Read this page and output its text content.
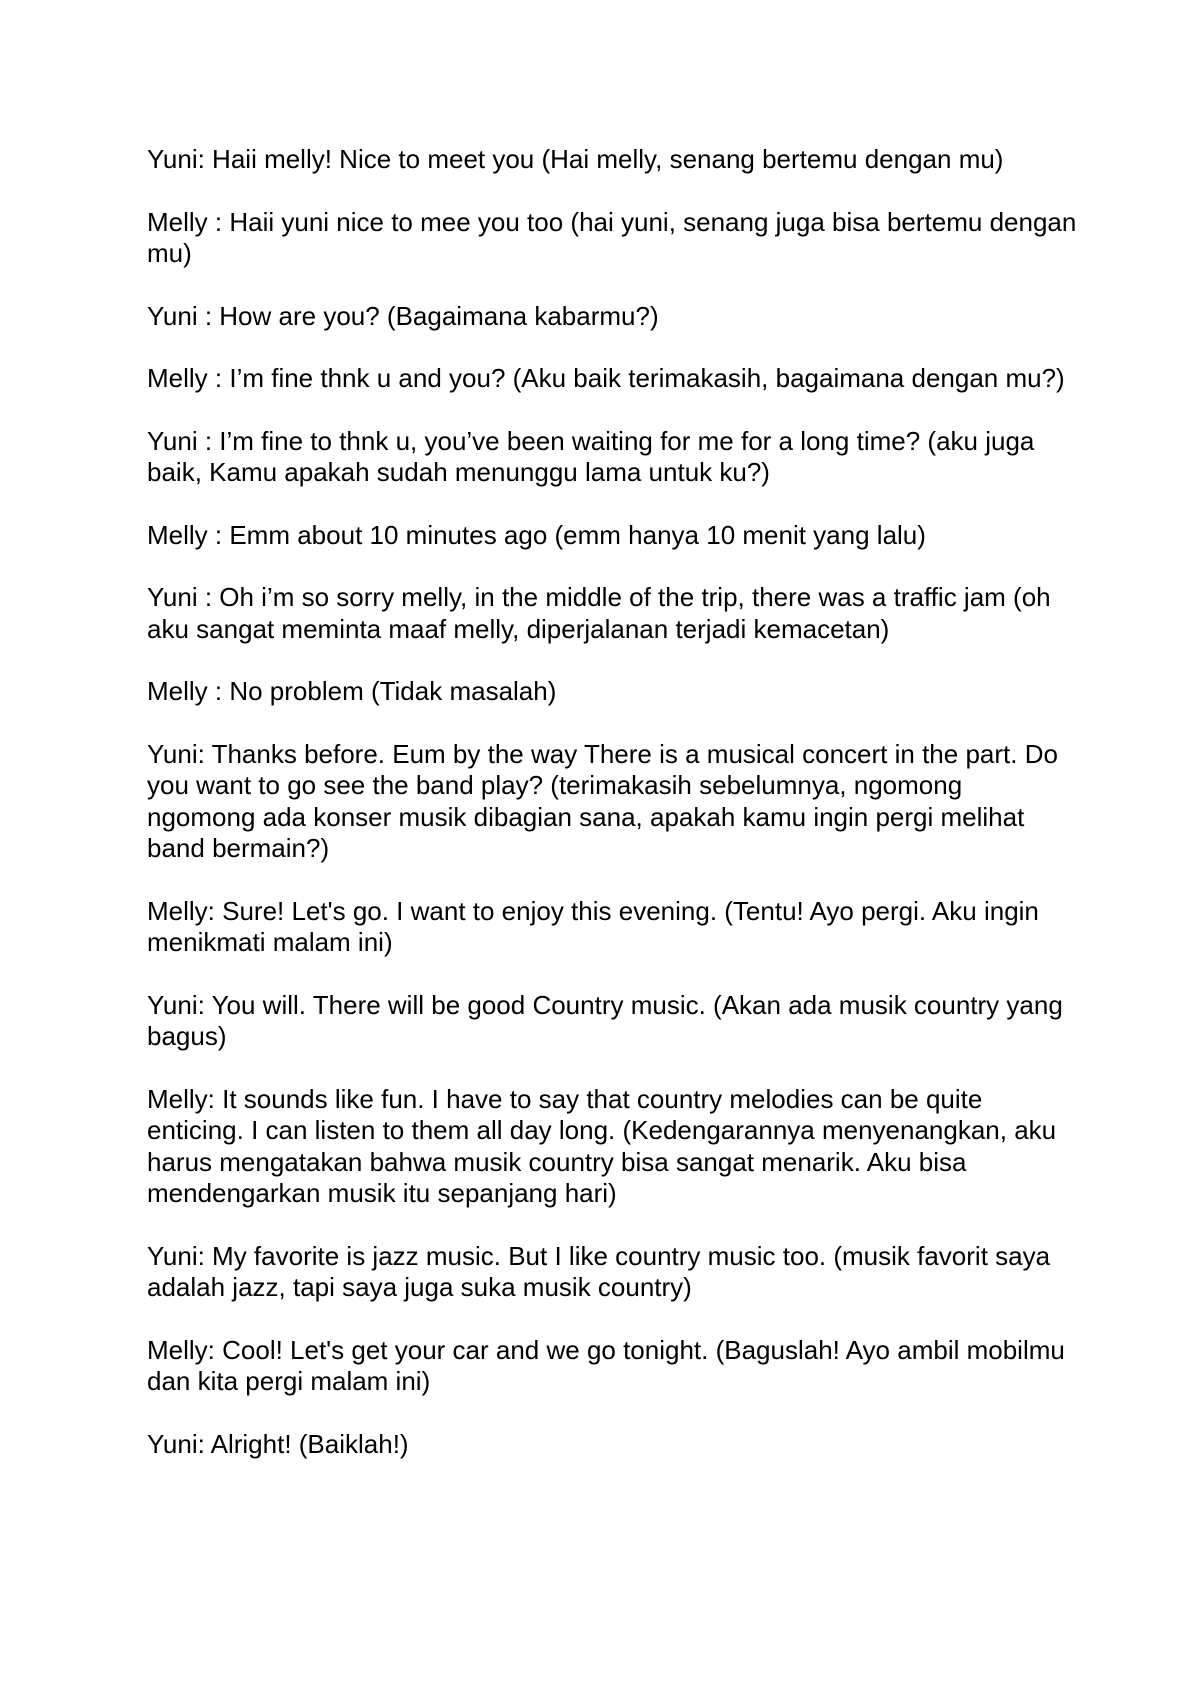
Yuni: Haii melly! Nice to meet you (Hai melly, senang bertemu dengan mu)

Melly : Haii yuni nice to mee you too (hai yuni, senang juga bisa bertemu dengan mu)

Yuni : How are you? (Bagaimana kabarmu?)

Melly : I’m fine thnk u and you? (Aku baik terimakasih, bagaimana dengan mu?)

Yuni : I’m fine to thnk u, you’ve been waiting for me for a long time? (aku juga baik, Kamu apakah sudah menunggu lama untuk ku?)

Melly : Emm about 10 minutes ago (emm hanya 10 menit yang lalu)

Yuni : Oh i’m so sorry melly, in the middle of the trip, there was a traffic jam (oh aku sangat meminta maaf melly, diperjalanan terjadi kemacetan)

Melly : No problem (Tidak masalah)

Yuni: Thanks before. Eum by the way There is a musical concert in the part. Do you want to go see the band play? (terimakasih sebelumnya, ngomong ngomong ada konser musik dibagian sana, apakah kamu ingin pergi melihat band bermain?)

Melly: Sure! Let's go. I want to enjoy this evening. (Tentu! Ayo pergi. Aku ingin menikmati malam ini)

Yuni: You will. There will be good Country music. (Akan ada musik country yang bagus)

Melly: It sounds like fun. I have to say that country melodies can be quite enticing. I can listen to them all day long. (Kedengarannya menyenangkan, aku harus mengatakan bahwa musik country bisa sangat menarik. Aku bisa mendengarkan musik itu sepanjang hari)

Yuni: My favorite is jazz music. But I like country music too. (musik favorit saya adalah jazz, tapi saya juga suka musik country)

Melly: Cool! Let's get your car and we go tonight. (Baguslah! Ayo ambil mobilmu dan kita pergi malam ini)

Yuni: Alright! (Baiklah!)
